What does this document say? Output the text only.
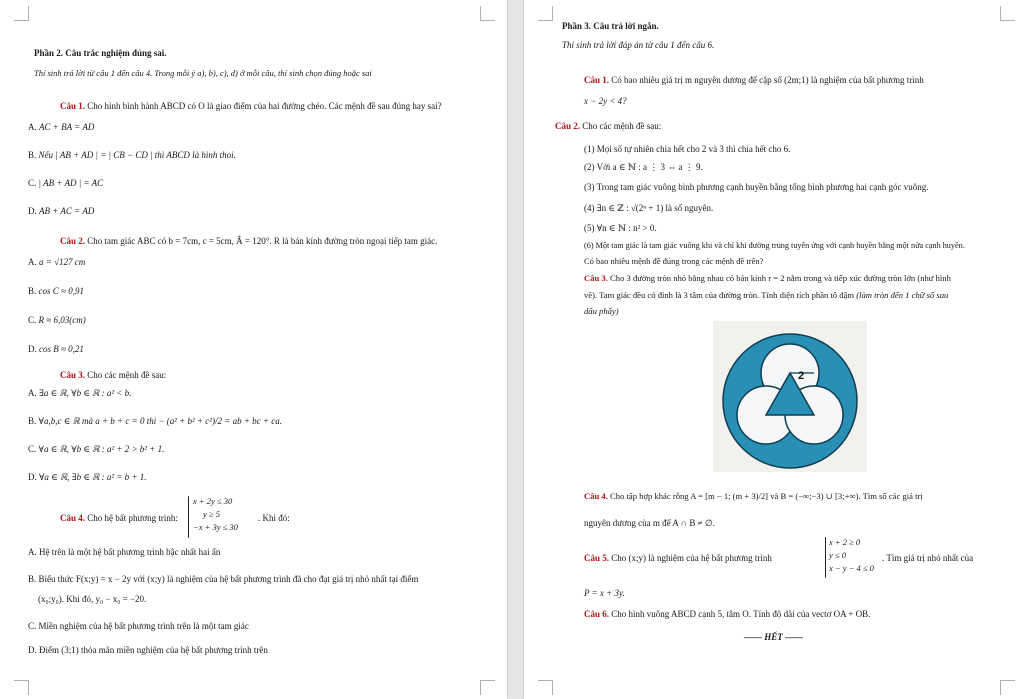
Phần 2. Câu trắc nghiệm đúng sai.
Thí sinh trả lời từ câu 1 đến câu 4. Trong mỗi ý a), b), c), d) ở mỗi câu, thí sinh chọn đúng hoặc sai
Câu 1. Cho hình bình hành ABCD có O là giao điểm của hai đường chéo. Các mệnh đề sau đúng hay sai?
A. AC + BA = AD
B. Nếu | AB + AD | = | CB − CD | thì ABCD là hình thoi.
C. | AB + AD | = AC
D. AB + AC = AD
Câu 2. Cho tam giác ABC có b = 7cm, c = 5cm, Â = 120°. R là bán kính đường tròn ngoại tiếp tam giác.
A. a = √127 cm
B. cos C ≈ 0,91
C. R ≈ 6,03(cm)
D. cos B ≈ 0,21
Câu 3. Cho các mệnh đề sau:
A. ∃a ∈ ℝ, ∀b ∈ ℝ : a² < b.
B. ∀a,b,c ∈ ℝ mà a + b + c = 0 thì − (a² + b² + c²)/2 = ab + bc + ca.
C. ∀a ∈ ℝ, ∀b ∈ ℝ : a² + 2 > b² + 1.
D. ∀a ∈ ℝ, ∃b ∈ ℝ : a² = b + 1.
Câu 4. Cho hệ bất phương trình:
x + 2y ≤ 30
y ≥ 5
−x + 3y ≤ 30
. Khi đó:
A. Hệ trên là một hệ bất phương trình bậc nhất hai ẩn
B. Biểu thức F(x;y) = x − 2y với (x;y) là nghiệm của hệ bất phương trình đã cho đạt giá trị nhỏ nhất tại điểm
(x₀;y₀). Khi đó, y₀ − x₀ = −20.
C. Miền nghiệm của hệ bất phương trình trên là một tam giác
D. Điểm (3;1) thỏa mãn miền nghiệm của hệ bất phương trình trên
Phần 3. Câu trả lời ngắn.
Thí sinh trả lời đáp án từ câu 1 đến câu 6.
Câu 1. Có bao nhiêu giá trị m nguyên dương để cặp số (2m;1) là nghiệm của bất phương trình
x − 2y < 4?
Câu 2. Cho các mệnh đề sau:
(1) Mọi số tự nhiên chia hết cho 2 và 3 thì chia hết cho 6.
(2) Với a ∈ ℕ : a ⋮ 3 ⇔ a ⋮ 9.
(3) Trong tam giác vuông bình phương cạnh huyền bằng tổng bình phương hai cạnh góc vuông.
(4) ∃n ∈ ℤ : √(2ⁿ + 1) là số nguyên.
(5) ∀n ∈ ℕ : n² > 0.
(6) Một tam giác là tam giác vuông khi và chỉ khi đường trung tuyến ứng với cạnh huyền bằng một nửa cạnh huyền.
Có bao nhiêu mệnh đề đúng trong các mệnh đề trên?
Câu 3. Cho 3 đường tròn nhỏ bằng nhau có bán kính r = 2 nằm trong và tiếp xúc đường tròn lớn (như hình
vẽ). Tam giác đều có đỉnh là 3 tâm của đường tròn. Tính diện tích phần tô đậm (làm tròn đến 1 chữ số sau
dấu phẩy)
2
Câu 4. Cho tập hợp khác rỗng A = [m − 1; (m + 3)/2] và B = (−∞;−3) ∪ [3;+∞). Tìm số các giá trị
nguyên dương của m để A ∩ B ≠ ∅.
Câu 5. Cho (x;y) là nghiệm của hệ bất phương trình
x + 2 ≥ 0
y ≤ 0
x − y − 4 ≤ 0
. Tìm giá trị nhỏ nhất của
P = x + 3y.
Câu 6. Cho hình vuông ABCD cạnh 5, tâm O. Tính độ dài của vectơ OA + OB.
—— HẾT ——
